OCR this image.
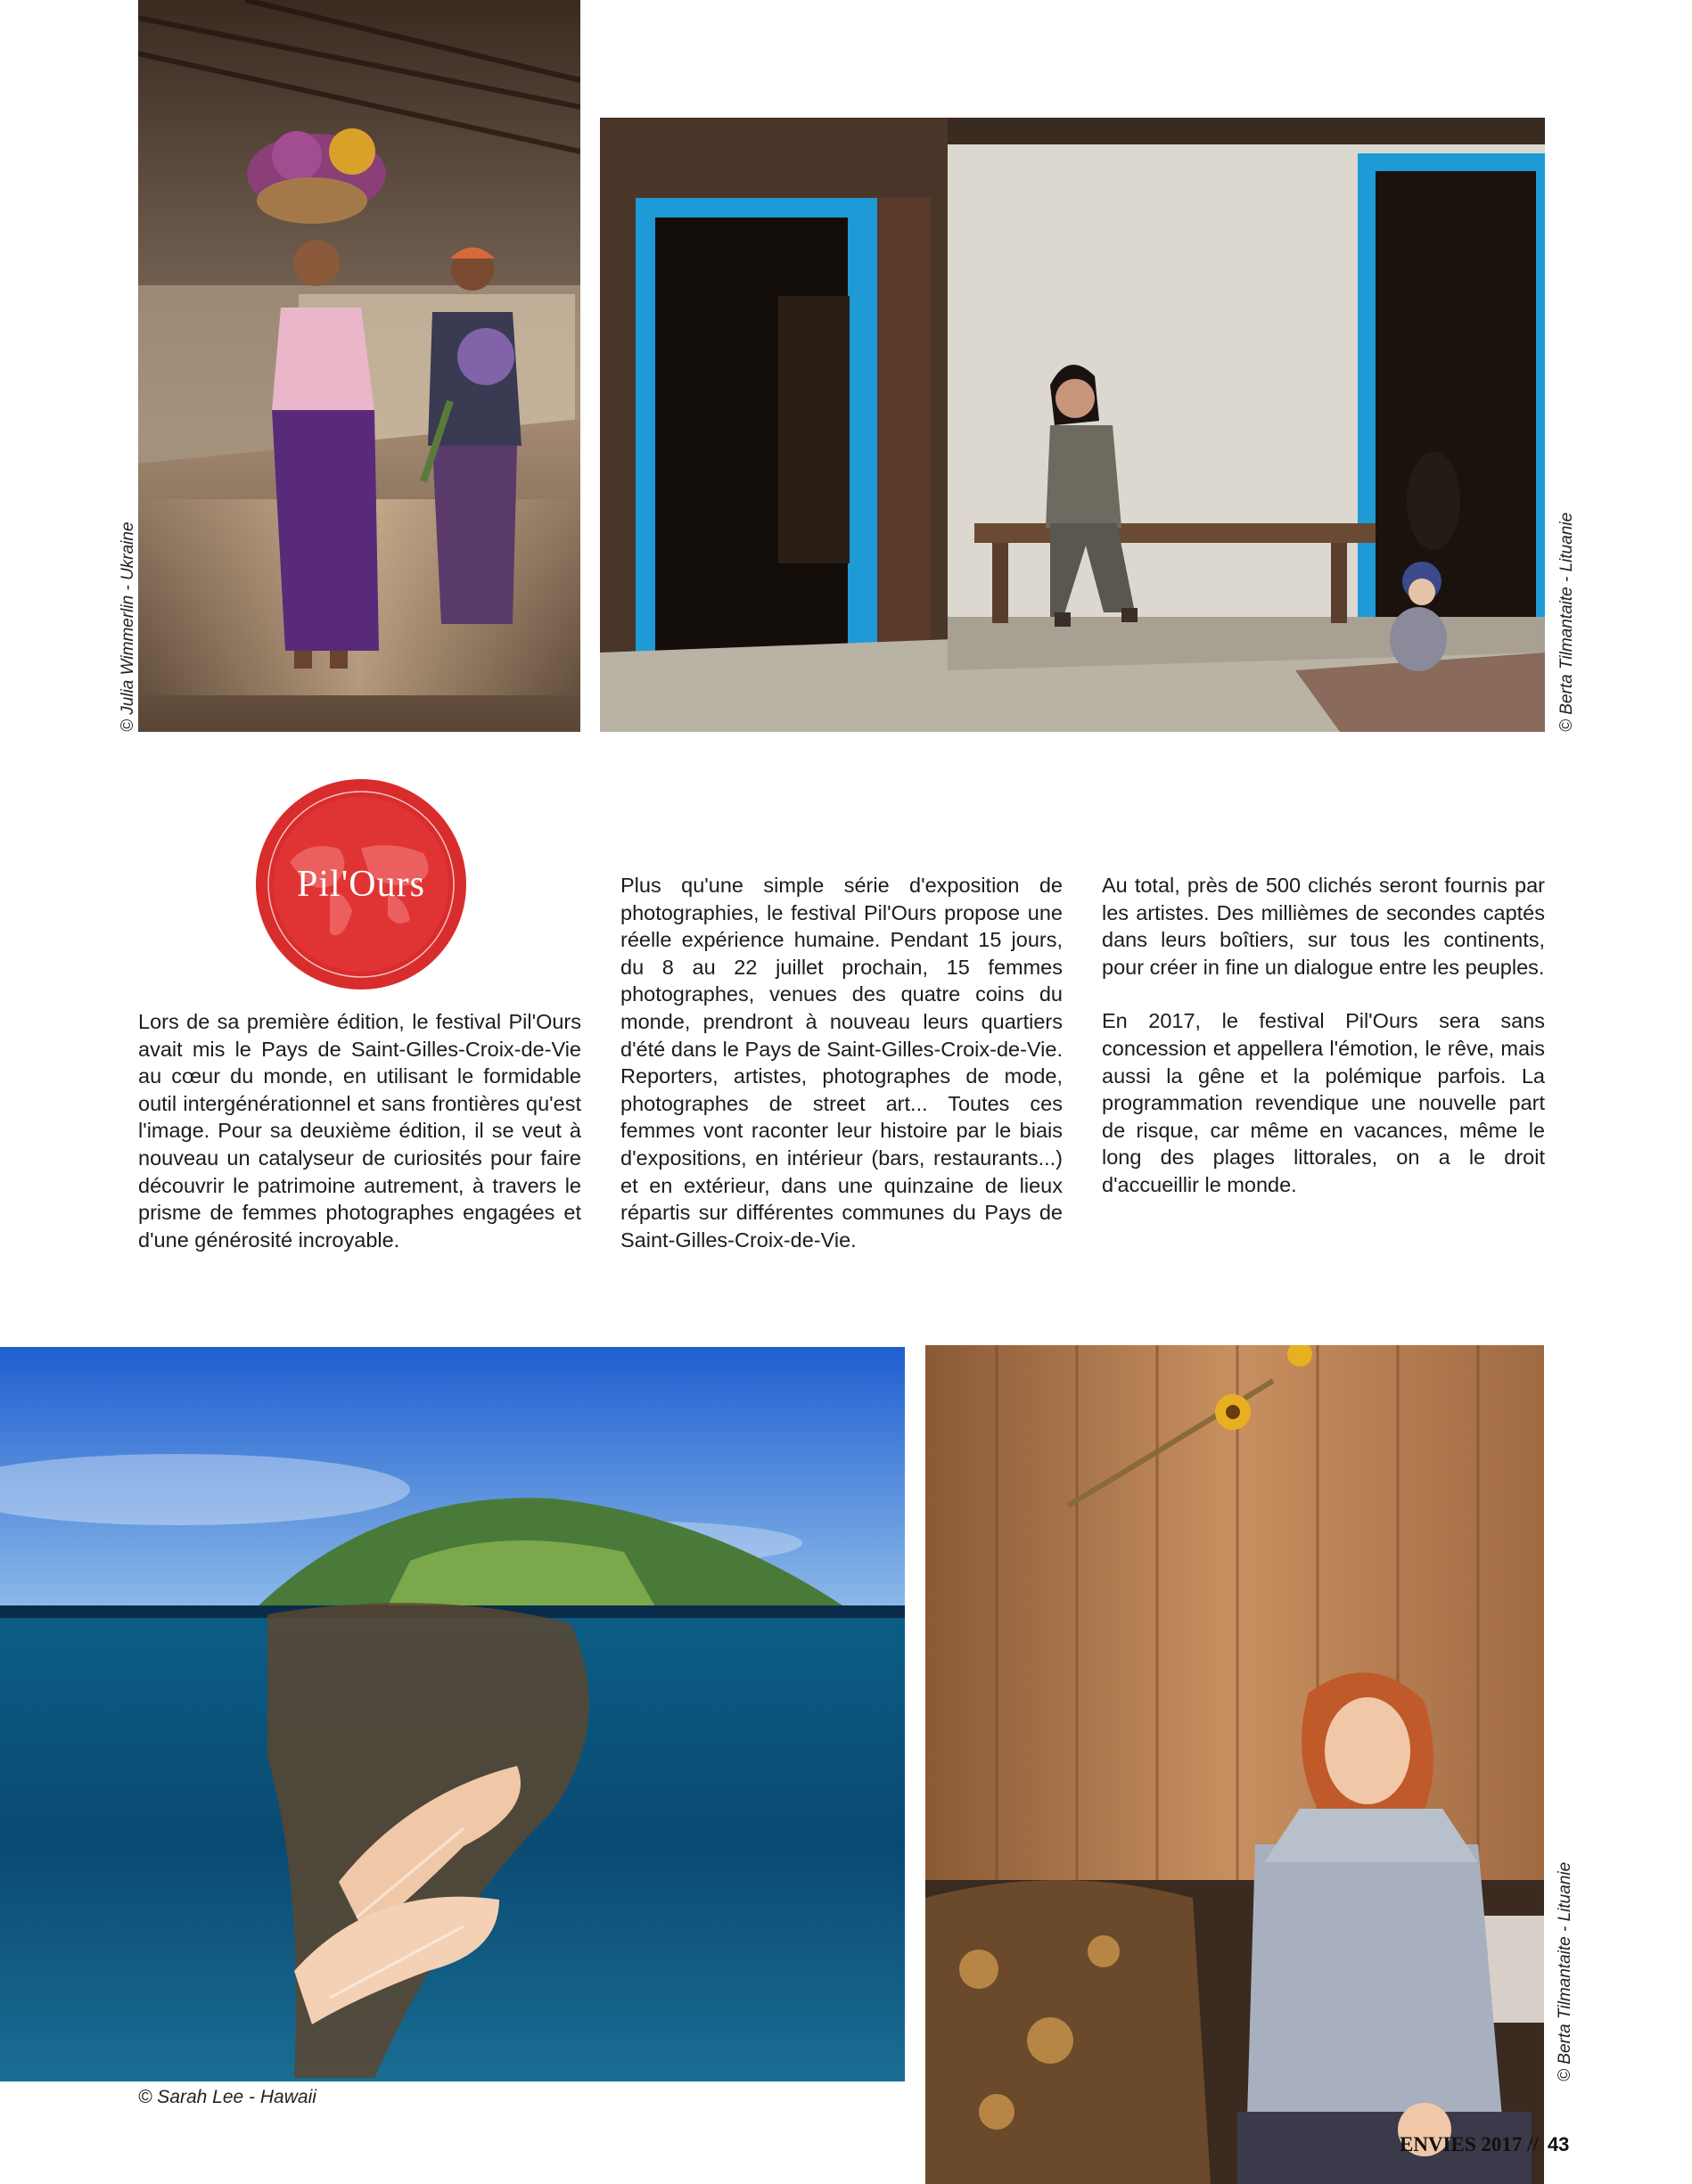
© Julia Wimmerlin - Ukraine	© Berta Tilmantaite - Lituanie
Pil'Ours

Lors de sa première édition, le festival Pil'Ours avait mis le Pays de Saint-Gilles-Croix-de-Vie au cœur du monde, en utilisant le formidable outil intergénérationnel et sans frontières qu'est l'image. Pour sa deuxième édition, il se veut à nouveau un catalyseur de curiosités pour faire découvrir le patrimoine autrement, à travers le prisme de femmes photographes engagées et d'une générosité incroyable.

Plus qu'une simple série d'exposition de photographies, le festival Pil'Ours propose une réelle expérience humaine. Pendant 15 jours, du 8 au 22 juillet prochain, 15 femmes photographes, venues des quatre coins du monde, prendront à nouveau leurs quartiers d'été dans le Pays de Saint-Gilles-Croix-de-Vie. Reporters, artistes, photographes de mode, photographes de street art... Toutes ces femmes vont raconter leur histoire par le biais d'expositions, en intérieur (bars, restaurants...) et en extérieur, dans une quinzaine de lieux répartis sur différentes communes du Pays de Saint-Gilles-Croix-de-Vie.

Au total, près de 500 clichés seront fournis par les artistes. Des millièmes de secondes captés dans leurs boîtiers, sur tous les continents, pour créer in fine un dialogue entre les peuples.

En 2017, le festival Pil'Ours sera sans concession et appellera l'émotion, le rêve, mais aussi la gêne et la polémique parfois. La programmation revendique une nouvelle part de risque, car même en vacances, même le long des plages littorales, on a le droit d'accueillir le monde.

© Sarah Lee - Hawaii
© Berta Tilmantaite - Lituanie
ENVIES 2017 // 43
